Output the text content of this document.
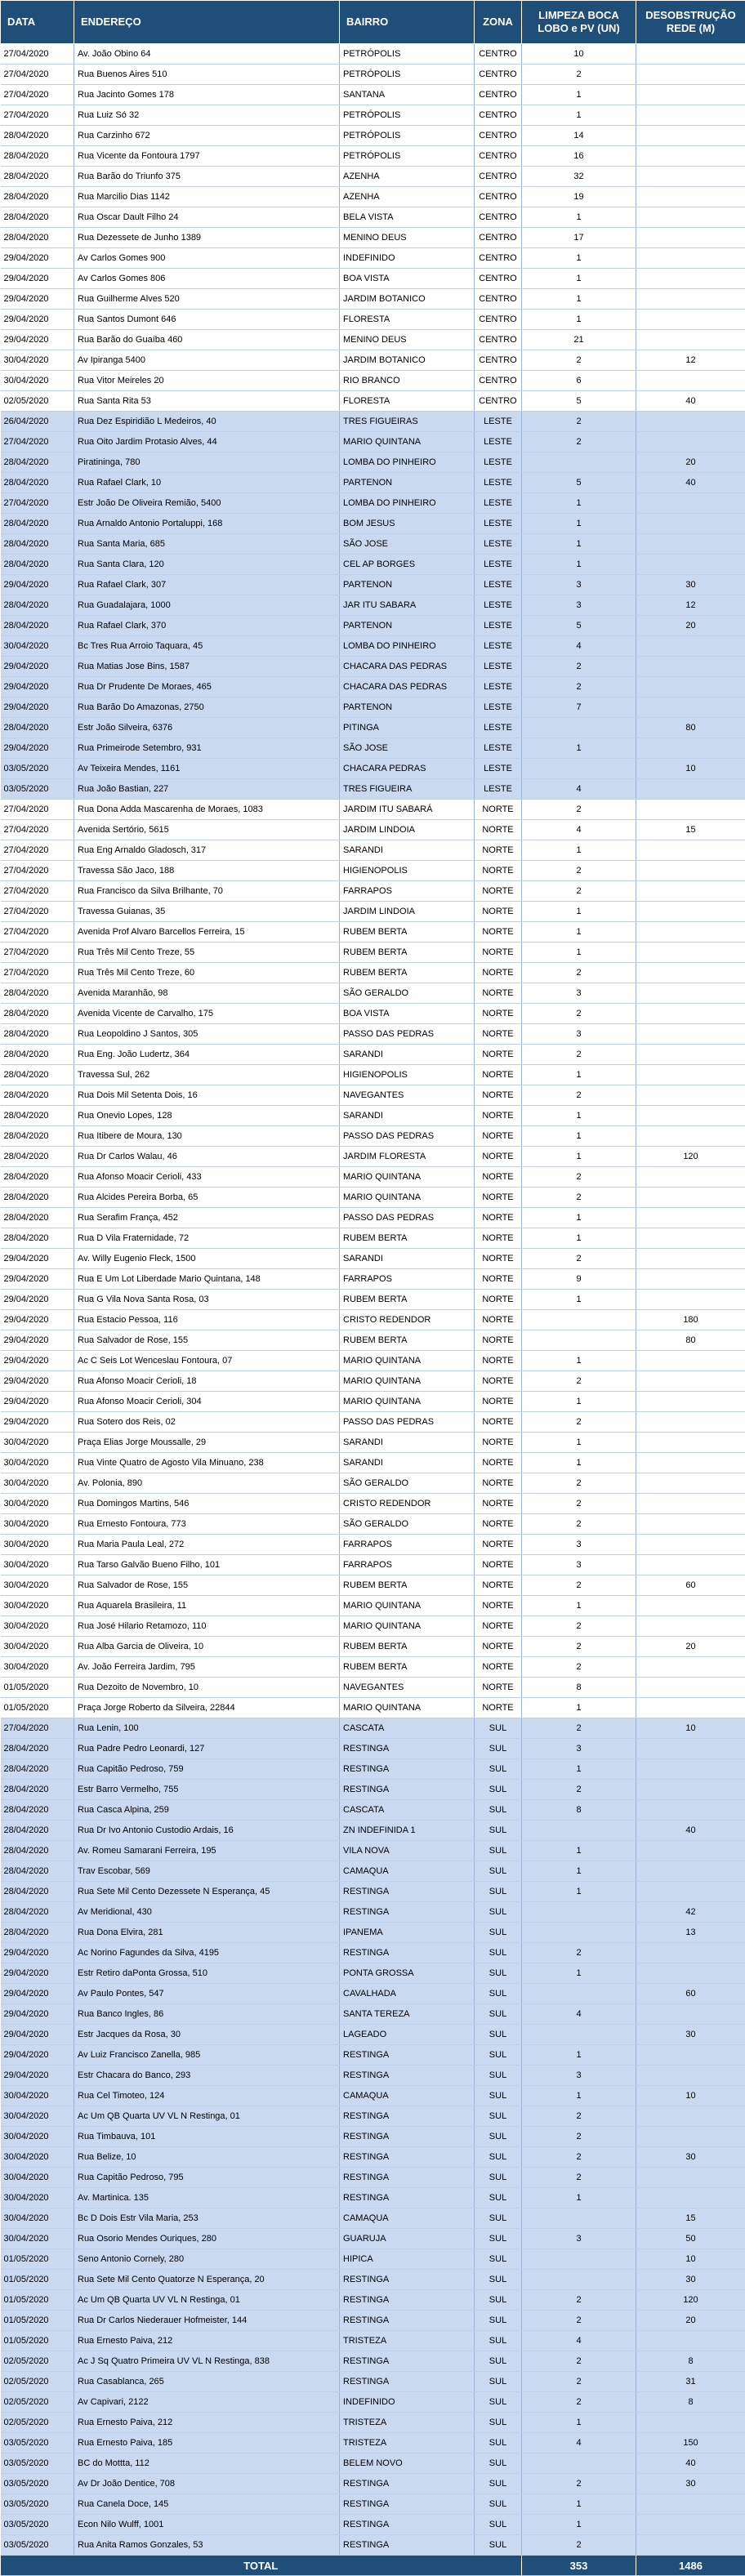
DATA	ENDEREÇO	BAIRRO	ZONA	LIMPEZA BOCA LOBO e PV (UN)	DESOBSTRUÇÃO REDE (M)
27/04/2020	Av. João Obino 64	PETRÓPOLIS	CENTRO	10	
27/04/2020	Rua Buenos Aires 510	PETRÓPOLIS	CENTRO	2	
27/04/2020	Rua Jacinto Gomes 178	SANTANA	CENTRO	1	
27/04/2020	Rua Luiz Só 32	PETRÓPOLIS	CENTRO	1	
28/04/2020	Rua Carzinho 672	PETRÓPOLIS	CENTRO	14	
28/04/2020	Rua Vicente da Fontoura 1797	PETRÓPOLIS	CENTRO	16	
28/04/2020	Rua Barão do Triunfo 375	AZENHA	CENTRO	32	
28/04/2020	Rua Marcilio Dias 1142	AZENHA	CENTRO	19	
28/04/2020	Rua Oscar Dault Filho 24	BELA VISTA	CENTRO	1	
28/04/2020	Rua Dezessete de Junho 1389	MENINO DEUS	CENTRO	17	
29/04/2020	Av Carlos Gomes 900	INDEFINIDO	CENTRO	1	
29/04/2020	Av Carlos Gomes 806	BOA VISTA	CENTRO	1	
29/04/2020	Rua Guilherme Alves 520	JARDIM BOTANICO	CENTRO	1	
29/04/2020	Rua Santos Dumont 646	FLORESTA	CENTRO	1	
29/04/2020	Rua Barão do Guaíba 460	MENINO DEUS	CENTRO	21	
30/04/2020	Av Ipiranga 5400	JARDIM BOTANICO	CENTRO	2	12
30/04/2020	Rua Vitor Meireles 20	RIO BRANCO	CENTRO	6	
02/05/2020	Rua Santa Rita 53	FLORESTA	CENTRO	5	40
26/04/2020	Rua Dez Espiridião L Medeiros, 40	TRES FIGUEIRAS	LESTE	2	
27/04/2020	Rua Oito Jardim Protasio Alves, 44	MARIO QUINTANA	LESTE	2	
28/04/2020	Piratininga, 780	LOMBA DO PINHEIRO	LESTE		20
28/04/2020	Rua Rafael Clark, 10	PARTENON	LESTE	5	40
27/04/2020	Estr João De Oliveira Remião, 5400	LOMBA DO PINHEIRO	LESTE	1	
28/04/2020	Rua Arnaldo Antonio Portaluppi, 168	BOM JESUS	LESTE	1	
28/04/2020	Rua Santa Maria, 685	SÃO JOSE	LESTE	1	
28/04/2020	Rua Santa Clara, 120	CEL AP BORGES	LESTE	1	
29/04/2020	Rua Rafael Clark, 307	PARTENON	LESTE	3	30
28/04/2020	Rua Guadalajara, 1000	JAR ITU SABARA	LESTE	3	12
28/04/2020	Rua Rafael Clark, 370	PARTENON	LESTE	5	20
30/04/2020	Bc Tres Rua Arroio Taquara, 45	LOMBA DO PINHEIRO	LESTE	4	
29/04/2020	Rua Matias Jose Bins, 1587	CHACARA DAS PEDRAS	LESTE	2	
29/04/2020	Rua Dr Prudente De Moraes, 465	CHACARA DAS PEDRAS	LESTE	2	
29/04/2020	Rua Barão Do Amazonas, 2750	PARTENON	LESTE	7	
28/04/2020	Estr João Silveira, 6376	PITINGA	LESTE		80
29/04/2020	Rua Primeirode Setembro, 931	SÃO JOSE	LESTE	1	
03/05/2020	Av Teixeira Mendes, 1161	CHACARA PEDRAS	LESTE		10
03/05/2020	Rua João Bastian, 227	TRES FIGUEIRA	LESTE	4	
27/04/2020	Rua Dona Adda Mascarenha de Moraes, 1083	JARDIM ITU SABARÁ	NORTE	2	
27/04/2020	Avenida Sertório, 5615	JARDIM LINDOIA	NORTE	4	15
27/04/2020	Rua Eng Arnaldo Gladosch, 317	SARANDI	NORTE	1	
27/04/2020	Travessa São Jaco, 188	HIGIENOPOLIS	NORTE	2	
27/04/2020	Rua Francisco da Silva Brilhante, 70	FARRAPOS	NORTE	2	
27/04/2020	Travessa Guianas, 35	JARDIM LINDOIA	NORTE	1	
27/04/2020	Avenida Prof Alvaro Barcellos Ferreira, 15	RUBEM BERTA	NORTE	1	
27/04/2020	Rua Três Mil Cento Treze, 55	RUBEM BERTA	NORTE	1	
27/04/2020	Rua Três Mil Cento Treze, 60	RUBEM BERTA	NORTE	2	
28/04/2020	Avenida Maranhão, 98	SÃO GERALDO	NORTE	3	
28/04/2020	Avenida Vicente de Carvalho, 175	BOA VISTA	NORTE	2	
28/04/2020	Rua Leopoldino J Santos, 305	PASSO DAS PEDRAS	NORTE	3	
28/04/2020	Rua Eng. João Ludertz, 364	SARANDI	NORTE	2	
28/04/2020	Travessa Sul, 262	HIGIENOPOLIS	NORTE	1	
28/04/2020	Rua Dois Mil Setenta Dois, 16	NAVEGANTES	NORTE	2	
28/04/2020	Rua Onevio Lopes, 128	SARANDI	NORTE	1	
28/04/2020	Rua Itibere de Moura, 130	PASSO DAS PEDRAS	NORTE	1	
28/04/2020	Rua Dr Carlos Walau, 46	JARDIM FLORESTA	NORTE	1	120
28/04/2020	Rua Afonso Moacir Cerioli, 433	MARIO QUINTANA	NORTE	2	
28/04/2020	Rua Alcides Pereira Borba, 65	MARIO QUINTANA	NORTE	2	
28/04/2020	Rua Serafim França, 452	PASSO DAS PEDRAS	NORTE	1	
28/04/2020	Rua D Vila Fraternidade, 72	RUBEM BERTA	NORTE	1	
29/04/2020	Av. Willy Eugenio Fleck, 1500	SARANDI	NORTE	2	
29/04/2020	Rua E Um Lot Liberdade Mario Quintana, 148	FARRAPOS	NORTE	9	
29/04/2020	Rua G Vila Nova Santa Rosa, 03	RUBEM BERTA	NORTE	1	
29/04/2020	Rua Estacio Pessoa, 116	CRISTO REDENDOR	NORTE		180
29/04/2020	Rua Salvador de Rose, 155	RUBEM BERTA	NORTE		80
29/04/2020	Ac C Seis Lot Wenceslau Fontoura, 07	MARIO QUINTANA	NORTE	1	
29/04/2020	Rua Afonso Moacir Cerioli, 18	MARIO QUINTANA	NORTE	2	
29/04/2020	Rua Afonso Moacir Cerioli, 304	MARIO QUINTANA	NORTE	1	
29/04/2020	Rua Sotero dos Reis, 02	PASSO DAS PEDRAS	NORTE	2	
30/04/2020	Praça Elias Jorge Moussalle, 29	SARANDI	NORTE	1	
30/04/2020	Rua Vinte Quatro de Agosto Vila Minuano, 238	SARANDI	NORTE	1	
30/04/2020	Av. Polonia, 890	SÃO GERALDO	NORTE	2	
30/04/2020	Rua Domingos Martins, 546	CRISTO REDENDOR	NORTE	2	
30/04/2020	Rua Ernesto Fontoura, 773	SÃO GERALDO	NORTE	2	
30/04/2020	Rua Maria Paula Leal, 272	FARRAPOS	NORTE	3	
30/04/2020	Rua Tarso Galvão Bueno Filho, 101	FARRAPOS	NORTE	3	
30/04/2020	Rua Salvador de Rose, 155	RUBEM BERTA	NORTE	2	60
30/04/2020	Rua Aquarela Brasileira, 11	MARIO QUINTANA	NORTE	1	
30/04/2020	Rua José Hilario Retamozo, 110	MARIO QUINTANA	NORTE	2	
30/04/2020	Rua Alba Garcia de Oliveira, 10	RUBEM BERTA	NORTE	2	20
30/04/2020	Av. João Ferreira Jardim, 795	RUBEM BERTA	NORTE	2	
01/05/2020	Rua Dezoito de Novembro, 10	NAVEGANTES	NORTE	8	
01/05/2020	Praça Jorge Roberto da Silveira, 22844	MARIO QUINTANA	NORTE	1	
27/04/2020	Rua Lenin, 100	CASCATA	SUL	2	10
28/04/2020	Rua Padre Pedro Leonardi, 127	RESTINGA	SUL	3	
28/04/2020	Rua Capitão Pedroso, 759	RESTINGA	SUL	1	
28/04/2020	Estr Barro Vermelho, 755	RESTINGA	SUL	2	
28/04/2020	Rua Casca Alpina, 259	CASCATA	SUL	8	
28/04/2020	Rua Dr Ivo Antonio Custodio Ardais, 16	ZN INDEFINIDA 1	SUL		40
28/04/2020	Av. Romeu Samarani Ferreira, 195	VILA NOVA	SUL	1	
28/04/2020	Trav Escobar, 569	CAMAQUA	SUL	1	
28/04/2020	Rua Sete Mil Cento Dezessete N Esperança, 45	RESTINGA	SUL	1	
28/04/2020	Av Meridional, 430	RESTINGA	SUL		42
28/04/2020	Rua Dona Elvira, 281	IPANEMA	SUL		13
29/04/2020	Ac Norino Fagundes da Silva, 4195	RESTINGA	SUL	2	
29/04/2020	Estr Retiro daPonta Grossa, 510	PONTA GROSSA	SUL	1	
29/04/2020	Av Paulo Pontes, 547	CAVALHADA	SUL		60
29/04/2020	Rua Banco Ingles, 86	SANTA TEREZA	SUL	4	
29/04/2020	Estr Jacques da Rosa, 30	LAGEADO	SUL		30
29/04/2020	Av Luiz Francisco Zanella, 985	RESTINGA	SUL	1	
29/04/2020	Estr Chacara do Banco, 293	RESTINGA	SUL	3	
30/04/2020	Rua Cel Timoteo, 124	CAMAQUA	SUL	1	10
30/04/2020	Ac Um QB Quarta UV VL N Restinga, 01	RESTINGA	SUL	2	
30/04/2020	Rua Timbauva, 101	RESTINGA	SUL	2	
30/04/2020	Rua Belize, 10	RESTINGA	SUL	2	30
30/04/2020	Rua Capitão Pedroso, 795	RESTINGA	SUL	2	
30/04/2020	Av. Martinica. 135	RESTINGA	SUL	1	
30/04/2020	Bc D Dois Estr Vila Maria, 253	CAMAQUA	SUL		15
30/04/2020	Rua Osorio Mendes Ouriques, 280	GUARUJA	SUL	3	50
01/05/2020	Seno Antonio Cornely, 280	HIPICA	SUL		10
01/05/2020	Rua Sete Mil Cento Quatorze N Esperança, 20	RESTINGA	SUL		30
01/05/2020	Ac Um QB Quarta UV VL N Restinga, 01	RESTINGA	SUL	2	120
01/05/2020	Rua Dr Carlos Niederauer Hofmeister, 144	RESTINGA	SUL	2	20
01/05/2020	Rua Ernesto Paiva, 212	TRISTEZA	SUL	4	
02/05/2020	Ac J Sq Quatro Primeira UV VL N Restinga, 838	RESTINGA	SUL	2	8
02/05/2020	Rua Casablanca, 265	RESTINGA	SUL	2	31
02/05/2020	Av Capivari, 2122	INDEFINIDO	SUL	2	8
02/05/2020	Rua Ernesto Paiva, 212	TRISTEZA	SUL	1	
03/05/2020	Rua Ernesto Paiva, 185	TRISTEZA	SUL	4	150
03/05/2020	BC do Mottta, 112	BELEM NOVO	SUL		40
03/05/2020	Av Dr João Dentice, 708	RESTINGA	SUL	2	30
03/05/2020	Rua Canela Doce, 145	RESTINGA	SUL	1	
03/05/2020	Econ Nilo Wulff, 1001	RESTINGA	SUL	1	
03/05/2020	Rua Anita Ramos Gonzales, 53	RESTINGA	SUL	2	
TOTAL				353	1486
